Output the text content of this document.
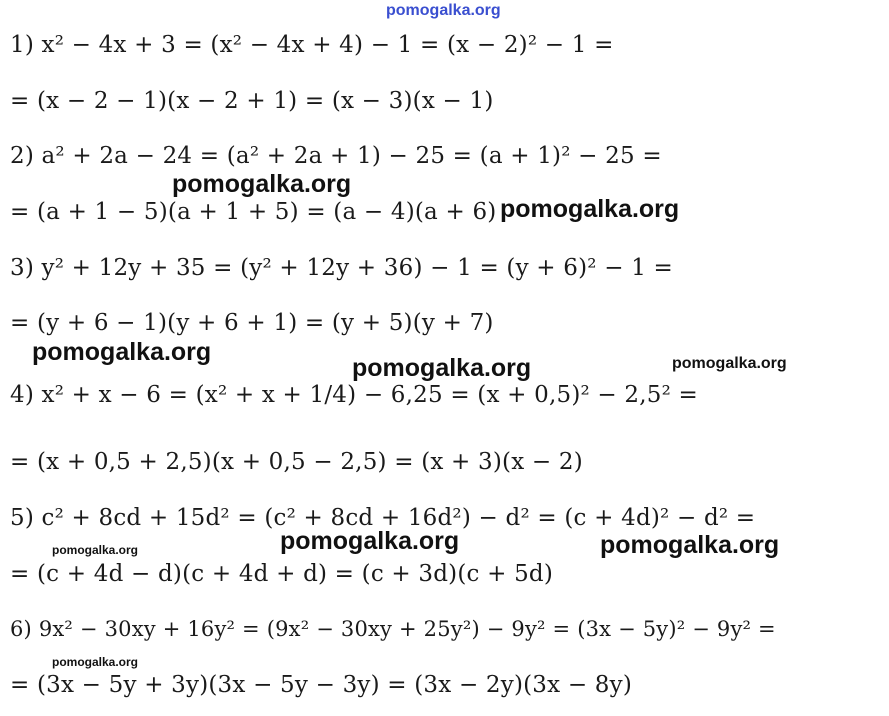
pomogalka.org
1) x² − 4x + 3 = (x² − 4x + 4) − 1 = (x − 2)² − 1 =
= (x − 2 − 1)(x − 2 + 1) = (x − 3)(x − 1)
2) a² + 2a − 24 = (a² + 2a + 1) − 25 = (a + 1)² − 25 =
= (a + 1 − 5)(a + 1 + 5) = (a − 4)(a + 6)
3) y² + 12y + 35 = (y² + 12y + 36) − 1 = (y + 6)² − 1 =
= (y + 6 − 1)(y + 6 + 1) = (y + 5)(y + 7)
4) x² + x − 6 = (x² + x + 1/4) − 6,25 = (x + 0,5)² − 2,5² =
= (x + 0,5 + 2,5)(x + 0,5 − 2,5) = (x + 3)(x − 2)
5) c² + 8cd + 15d² = (c² + 8cd + 16d²) − d² = (c + 4d)² − d² =
= (c + 4d − d)(c + 4d + d) = (c + 3d)(c + 5d)
6) 9x² − 30xy + 16y² = (9x² − 30xy + 25y²) − 9y² = (3x − 5y)² − 9y² =
= (3x − 5y + 3y)(3x − 5y − 3y) = (3x − 2y)(3x − 8y)
pomogalka.org
pomogalka.org
pomogalka.org
pomogalka.org	pomogalka.org
pomogalka.org	pomogalka.org
pomogalka.org
pomogalka.org
